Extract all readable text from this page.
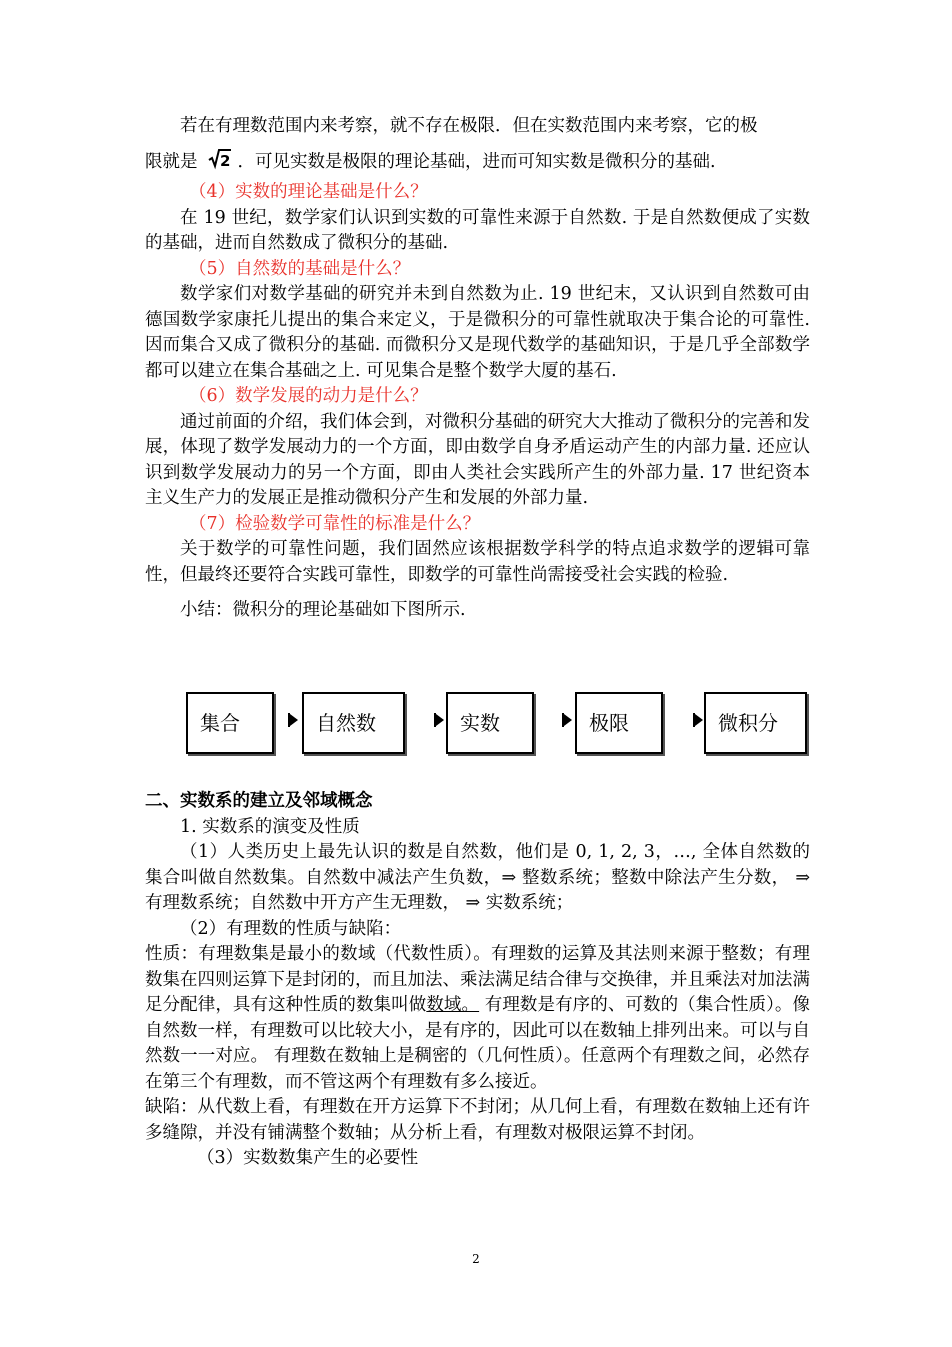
若在有理数范围内来考察，就不存在极限．但在实数范围内来考察，它的极

限就是 2 ．可见实数是极限的理论基础，进而可知实数是微积分的基础.

（4）实数的理论基础是什么？

在 19 世纪，数学家们认识到实数的可靠性来源于自然数. 于是自然数便成了实数的基础，进而自然数成了微积分的基础.

（5）自然数的基础是什么？

数学家们对数学基础的研究并未到自然数为止. 19 世纪末，又认识到自然数可由德国数学家康托儿提出的集合来定义，于是微积分的可靠性就取决于集合论的可靠性. 因而集合又成了微积分的基础. 而微积分又是现代数学的基础知识，于是几乎全部数学都可以建立在集合基础之上. 可见集合是整个数学大厦的基石.

（6）数学发展的动力是什么？

通过前面的介绍，我们体会到，对微积分基础的研究大大推动了微积分的完善和发展，体现了数学发展动力的一个方面，即由数学自身矛盾运动产生的内部力量. 还应认识到数学发展动力的另一个方面，即由人类社会实践所产生的外部力量. 17 世纪资本主义生产力的发展正是推动微积分产生和发展的外部力量.

（7）检验数学可靠性的标准是什么？

关于数学的可靠性问题，我们固然应该根据数学科学的特点追求数学的逻辑可靠性，但最终还要符合实践可靠性，即数学的可靠性尚需接受社会实践的检验.

小结：微积分的理论基础如下图所示.

集合	自然数	实数	极限	微积分

二、实数系的建立及邻域概念

1. 实数系的演变及性质

（1）人类历史上最先认识的数是自然数，他们是 0, 1, 2, 3，…, 全体自然数的集合叫做自然数集。自然数中减法产生负数，⇒ 整数系统；整数中除法产生分数， ⇒ 有理数系统；自然数中开方产生无理数， ⇒ 实数系统；

（2）有理数的性质与缺陷：

性质：有理数集是最小的数域（代数性质）。有理数的运算及其法则来源于整数；有理数集在四则运算下是封闭的，而且加法、乘法满足结合律与交换律，并且乘法对加法满足分配律，具有这种性质的数集叫做数域。 有理数是有序的、可数的（集合性质）。像自然数一样，有理数可以比较大小，是有序的，因此可以在数轴上排列出来。可以与自然数一一对应。 有理数在数轴上是稠密的（几何性质）。任意两个有理数之间，必然存在第三个有理数，而不管这两个有理数有多么接近。

缺陷：从代数上看，有理数在开方运算下不封闭；从几何上看，有理数在数轴上还有许多缝隙，并没有铺满整个数轴；从分析上看，有理数对极限运算不封闭。

（3）实数数集产生的必要性

2
